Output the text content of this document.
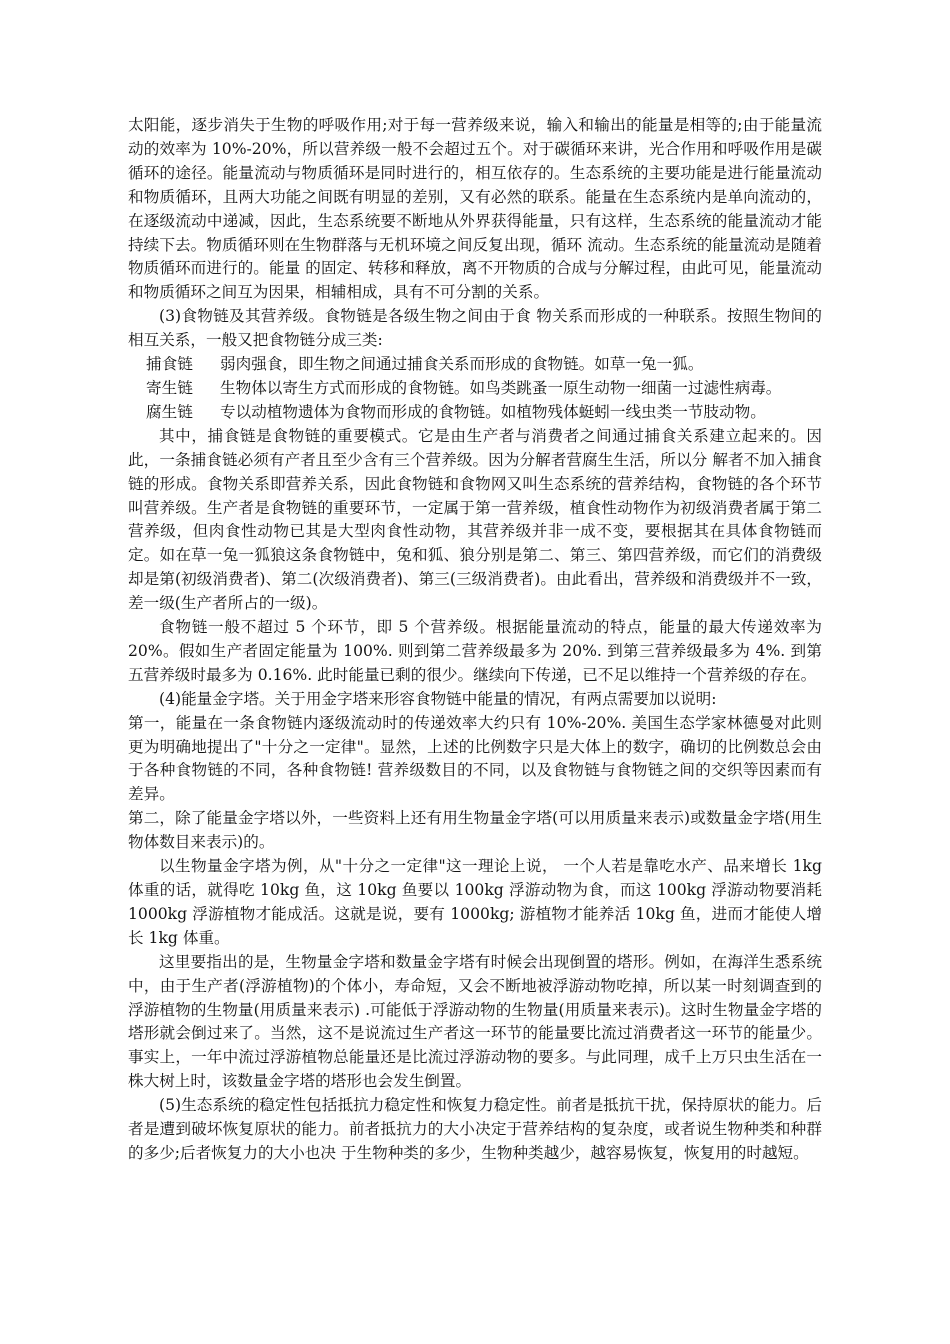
太阳能，逐步消失于生物的呼吸作用;对于每一营养级来说，输入和输出的能量是相等的;由于能量流动的效率为 10%-20%，所以营养级一般不会超过五个。对于碳循环来讲，光合作用和呼吸作用是碳循环的途径。能量流动与物质循环是同时进行的，相互依存的。生态系统的主要功能是进行能量流动和物质循环，且两大功能之间既有明显的差别，又有必然的联系。能量在生态系统内是单向流动的，在逐级流动中递减，因此，生态系统要不断地从外界获得能量，只有这样，生态系统的能量流动才能持续下去。物质循环则在生物群落与无机环境之间反复出现，循环 流动。生态系统的能量流动是随着物质循环而进行的。能量 的固定、转移和释放，离不开物质的合成与分解过程，由此可见，能量流动和物质循环之间互为因果，相辅相成，具有不可分割的关系。

(3)食物链及其营养级。食物链是各级生物之间由于食 物关系而形成的一种联系。按照生物间的相互关系，一般又把食物链分成三类:

捕食链 弱肉强食，即生物之间通过捕食关系而形成的食物链。如草一兔一狐。

寄生链 生物体以寄生方式而形成的食物链。如鸟类跳蚤一原生动物一细菌一过滤性病毒。

腐生链 专以动植物遗体为食物而形成的食物链。如植物残体蜓蚓一线虫类一节肢动物。

其中，捕食链是食物链的重要模式。它是由生产者与消费者之间通过捕食关系建立起来的。因此，一条捕食链必须有产者且至少含有三个营养级。因为分解者营腐生生活，所以分 解者不加入捕食链的形成。食物关系即营养关系，因此食物链和食物网又叫生态系统的营养结构，食物链的各个环节叫营养级。生产者是食物链的重要环节，一定属于第一营养级，植食性动物作为初级消费者属于第二营养级，但肉食性动物已其是大型肉食性动物，其营养级并非一成不变，要根据其在具体食物链而定。如在草一兔一狐狼这条食物链中，兔和狐、狼分别是第二、第三、第四营养级，而它们的消费级却是第(初级消费者)、第二(次级消费者)、第三(三级消费者)。由此看出，营养级和消费级并不一致，差一级(生产者所占的一级)。

食物链一般不超过 5 个环节，即 5 个营养级。根据能量流动的特点，能量的最大传递效率为 20%。假如生产者固定能量为 100%. 则到第二营养级最多为 20%. 到第三营养级最多为 4%. 到第五营养级时最多为 0.16%. 此时能量已剩的很少。继续向下传递，已不足以维持一个营养级的存在。

(4)能量金字塔。关于用金字塔来形容食物链中能量的情况，有两点需要加以说明:

第一，能量在一条食物链内逐级流动时的传递效率大约只有 10%-20%. 美国生态学家林德曼对此则更为明确地提出了"十分之一定律"。显然，上述的比例数字只是大体上的数字，确切的比例数总会由于各种食物链的不同，各种食物链! 营养级数目的不同，以及食物链与食物链之间的交织等因素而有差异。

第二，除了能量金字塔以外，一些资料上还有用生物量金字塔(可以用质量来表示)或数量金字塔(用生物体数目来表示)的。

以生物量金字塔为例，从"十分之一定律"这一理论上说， 一个人若是靠吃水产、品来增长 1kg 体重的话，就得吃 10kg 鱼，这 10kg 鱼要以 100kg 浮游动物为食，而这 100kg 浮游动物要消耗 1000kg 浮游植物才能成活。这就是说，要有 1000kg; 游植物才能养活 10kg 鱼，进而才能使人增长 1kg 体重。

这里要指出的是，生物量金字塔和数量金字塔有时候会出现倒置的塔形。例如，在海洋生悉系统中，由于生产者(浮游植物)的个体小，寿命短，又会不断地被浮游动物吃掉，所以某一时刻调查到的浮游植物的生物量(用质量来表示) .可能低于浮游动物的生物量(用质量来表示)。这时生物量金字塔的塔形就会倒过来了。当然，这不是说流过生产者这一环节的能量要比流过消费者这一环节的能量少。事实上，一年中流过浮游植物总能量还是比流过浮游动物的要多。与此同理，成千上万只虫生活在一株大树上时，该数量金字塔的塔形也会发生倒置。

(5)生态系统的稳定性包括抵抗力稳定性和恢复力稳定性。前者是抵抗干扰，保持原状的能力。后者是遭到破坏恢复原状的能力。前者抵抗力的大小决定于营养结构的复杂度，或者说生物种类和种群的多少;后者恢复力的大小也决 于生物种类的多少，生物种类越少，越容易恢复，恢复用的时越短。
